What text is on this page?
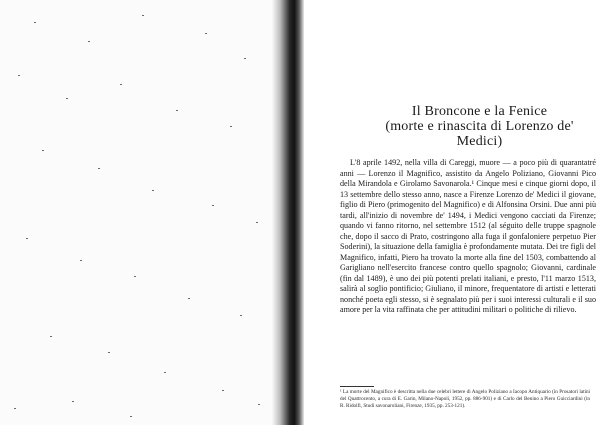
Il Broncone e la Fenice
(morte e rinascita di Lorenzo de' Medici)

L'8 aprile 1492, nella villa di Careggi, muore — a poco più di quarantatré anni — Lorenzo il Magnifico, assistito da Angelo Poliziano, Giovanni Pico della Mirandola e Girolamo Savonarola.¹ Cinque mesi e cinque giorni dopo, il 13 settembre dello stesso anno, nasce a Firenze Lorenzo de' Medici il giovane, figlio di Piero (primogenito del Magnifico) e di Alfonsina Orsini. Due anni più tardi, all'inizio di novembre de' 1494, i Medici vengono cacciati da Firenze; quando vi fanno ritorno, nel settembre 1512 (al séguito delle truppe spagnole che, dopo il sacco di Prato, costringono alla fuga il gonfaloniere perpetuo Pier Soderini), la situazione della famiglia è profondamente mutata. Dei tre figli del Magnifico, infatti, Piero ha trovato la morte alla fine del 1503, combattendo al Garigliano nell'esercito francese contro quello spagnolo; Giovanni, cardinale (fin dal 1489), è uno dei più potenti prelati italiani, e presto, l'11 marzo 1513, salirà al soglio pontificio; Giuliano, il minore, frequentatore di artisti e letterati nonché poeta egli stesso, si è segnalato più per i suoi interessi culturali e il suo amore per la vita raffinata che per attitudini militari o politiche di rilievo.

¹ La morte del Magnifico è descritta nella due celebri lettere di Angelo Poliziano a Iacopo Antiquario (in Prosatori latini del Quattrocento, a cura di E. Garin, Milano-Napoli, 1952, pp. 886-901) e di Carlo del Benino a Piero Guicciardini (in R. Ridolfi, Studi savonaroliani, Firenze, 1935, pp. 253-121).
